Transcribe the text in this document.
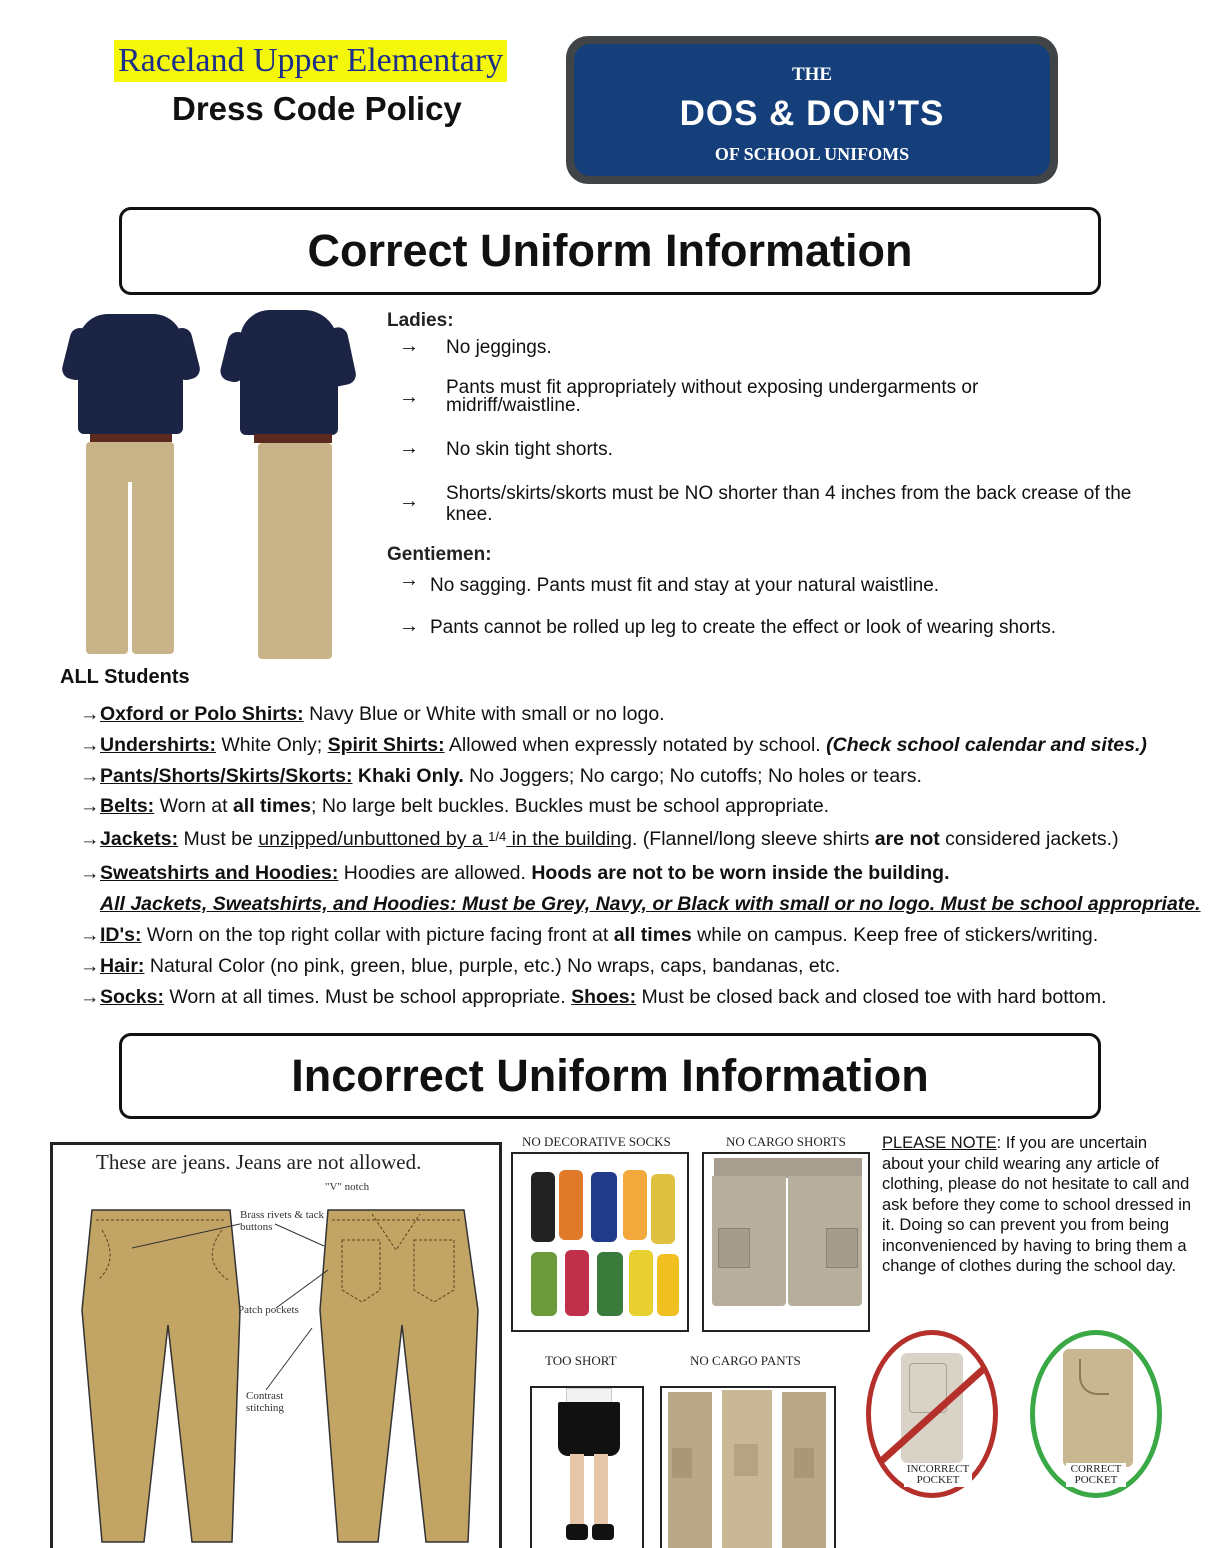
Raceland Upper Elementary
Dress Code Policy
THE
DOS & DON’TS
OF SCHOOL UNIFOMS
Correct Uniform Information
Ladies:
→ No jeggings.
→ Pants must fit appropriately without exposing undergarments or midriff/waistline.
→ No skin tight shorts.
→ Shorts/skirts/skorts must be NO shorter than 4 inches from the back crease of the knee.
Gentiemen:
→ No sagging. Pants must fit and stay at your natural waistline.
→ Pants cannot be rolled up leg to create the effect or look of wearing shorts.
ALL Students
→Oxford or Polo Shirts: Navy Blue or White with small or no logo.
→Undershirts: White Only; Spirit Shirts: Allowed when expressly notated by school. (Check school calendar and sites.)
→Pants/Shorts/Skirts/Skorts: Khaki Only. No Joggers; No cargo; No cutoffs; No holes or tears.
→Belts: Worn at all times; No large belt buckles. Buckles must be school appropriate.
→Jackets: Must be unzipped/unbuttoned by a $^{1/4}$ in the building. (Flannel/long sleeve shirts are not considered jackets.)
→Sweatshirts and Hoodies: Hoodies are allowed. Hoods are not to be worn inside the building.
All Jackets, Sweatshirts, and Hoodies: Must be Grey, Navy, or Black with small or no logo. Must be school appropriate.
→ID's: Worn on the top right collar with picture facing front at all times while on campus. Keep free of stickers/writing.
→Hair: Natural Color (no pink, green, blue, purple, etc.) No wraps, caps, bandanas, etc.
→Socks: Worn at all times. Must be school appropriate. Shoes: Must be closed back and closed toe with hard bottom.
Incorrect Uniform Information
These are jeans. Jeans are not allowed.
"V" notch
Brass rivets & tack buttons
Patch pockets
Contrast stitching
NO DECORATIVE SOCKS	NO CARGO SHORTS
TOO SHORT	NO CARGO PANTS
PLEASE NOTE: If you are uncertain about your child wearing any article of clothing, please do not hesitate to call and ask before they come to school dressed in it. Doing so can prevent you from being inconvenienced by having to bring them a change of clothes during the school day.
INCORRECT POCKET
CORRECT POCKET
